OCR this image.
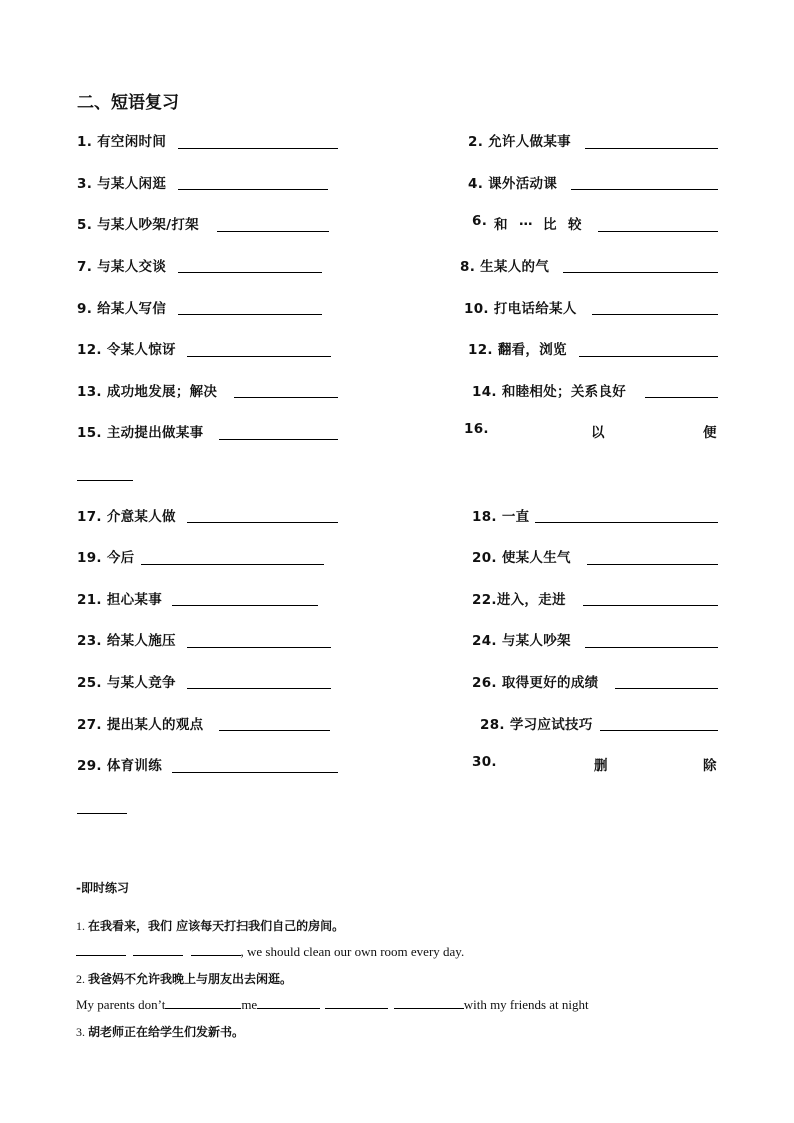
二、短语复习
1. 有空闲时间	2. 允许人做某事
3. 与某人闲逛	4. 课外活动课
5. 与某人吵架/打架	6. 和 … 比 较
7. 与某人交谈	8. 生某人的气
9. 给某人写信	10. 打电话给某人
12. 令某人惊讶	12. 翻看，浏览
13. 成功地发展；解决	14. 和睦相处；关系良好
15. 主动提出做某事	16.	以	便
17. 介意某人做	18. 一直
19. 今后	20. 使某人生气
21. 担心某事	22.进入，走进
23. 给某人施压	24. 与某人吵架
25. 与某人竞争	26. 取得更好的成绩
27. 提出某人的观点	28. 学习应试技巧
29. 体育训练	30.	删	除
-即时练习
1. 在我看来，我们 应该每天打扫我们自己的房间。
, we should clean our own room every day.
2. 我爸妈不允许我晚上与朋友出去闲逛。
My parents don’t	me	with my friends at night
3. 胡老师正在给学生们发新书。
